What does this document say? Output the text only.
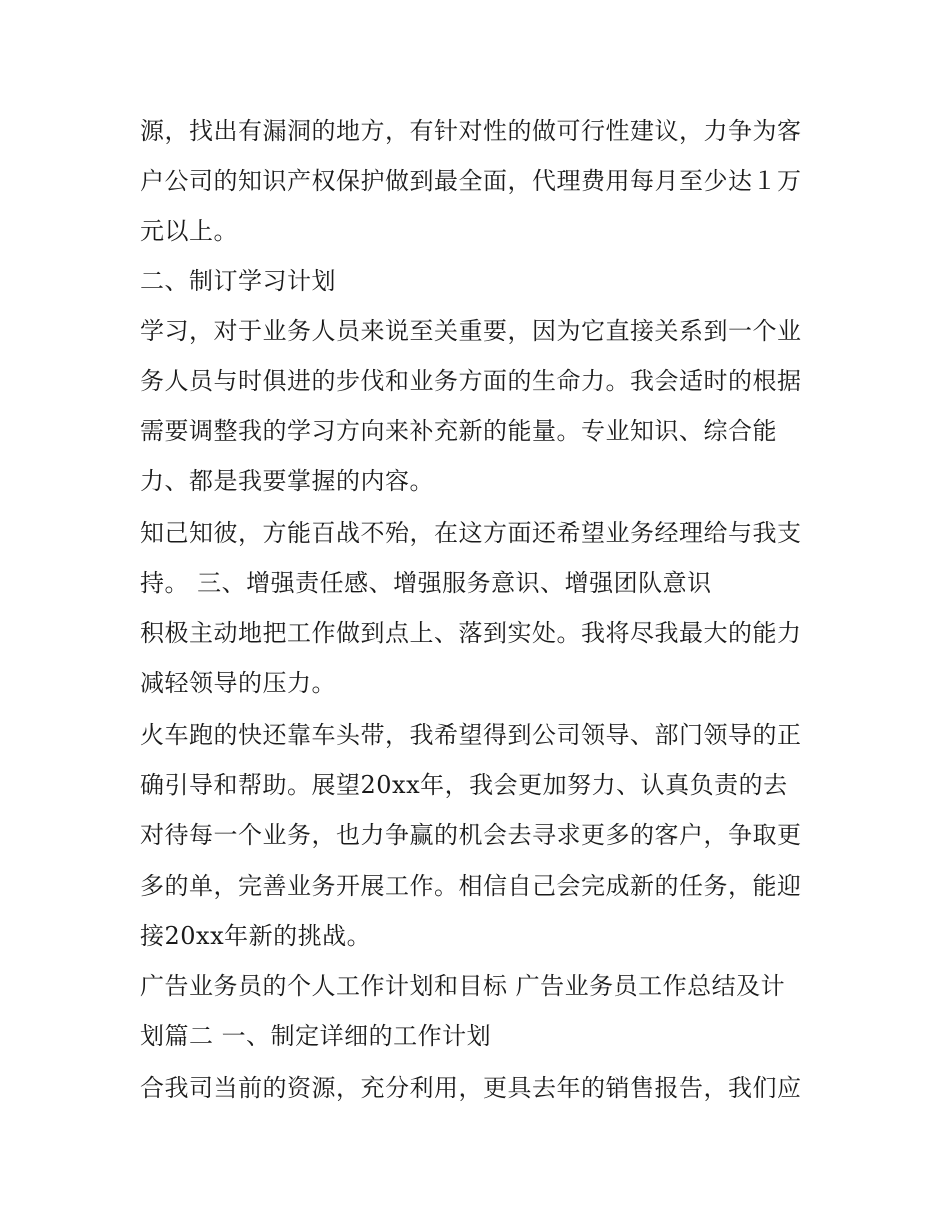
源，找出有漏洞的地方，有针对性的做可行性建议，力争为客
户公司的知识产权保护做到最全面，代理费用每月至少达１万
元以上。
二、制订学习计划
学习，对于业务人员来说至关重要，因为它直接关系到一个业
务人员与时俱进的步伐和业务方面的生命力。我会适时的根据
需要调整我的学习方向来补充新的能量。专业知识、综合能
力、都是我要掌握的内容。
知己知彼，方能百战不殆，在这方面还希望业务经理给与我支
持。 三、增强责任感、增强服务意识、增强团队意识
积极主动地把工作做到点上、落到实处。我将尽我最大的能力
减轻领导的压力。
火车跑的快还靠车头带，我希望得到公司领导、部门领导的正
确引导和帮助。展望20xx年，我会更加努力、认真负责的去
对待每一个业务，也力争赢的机会去寻求更多的客户，争取更
多的单，完善业务开展工作。相信自己会完成新的任务，能迎
接20xx年新的挑战。
广告业务员的个人工作计划和目标 广告业务员工作总结及计
划篇二 一、制定详细的工作计划
合我司当前的资源，充分利用，更具去年的销售报告，我们应
